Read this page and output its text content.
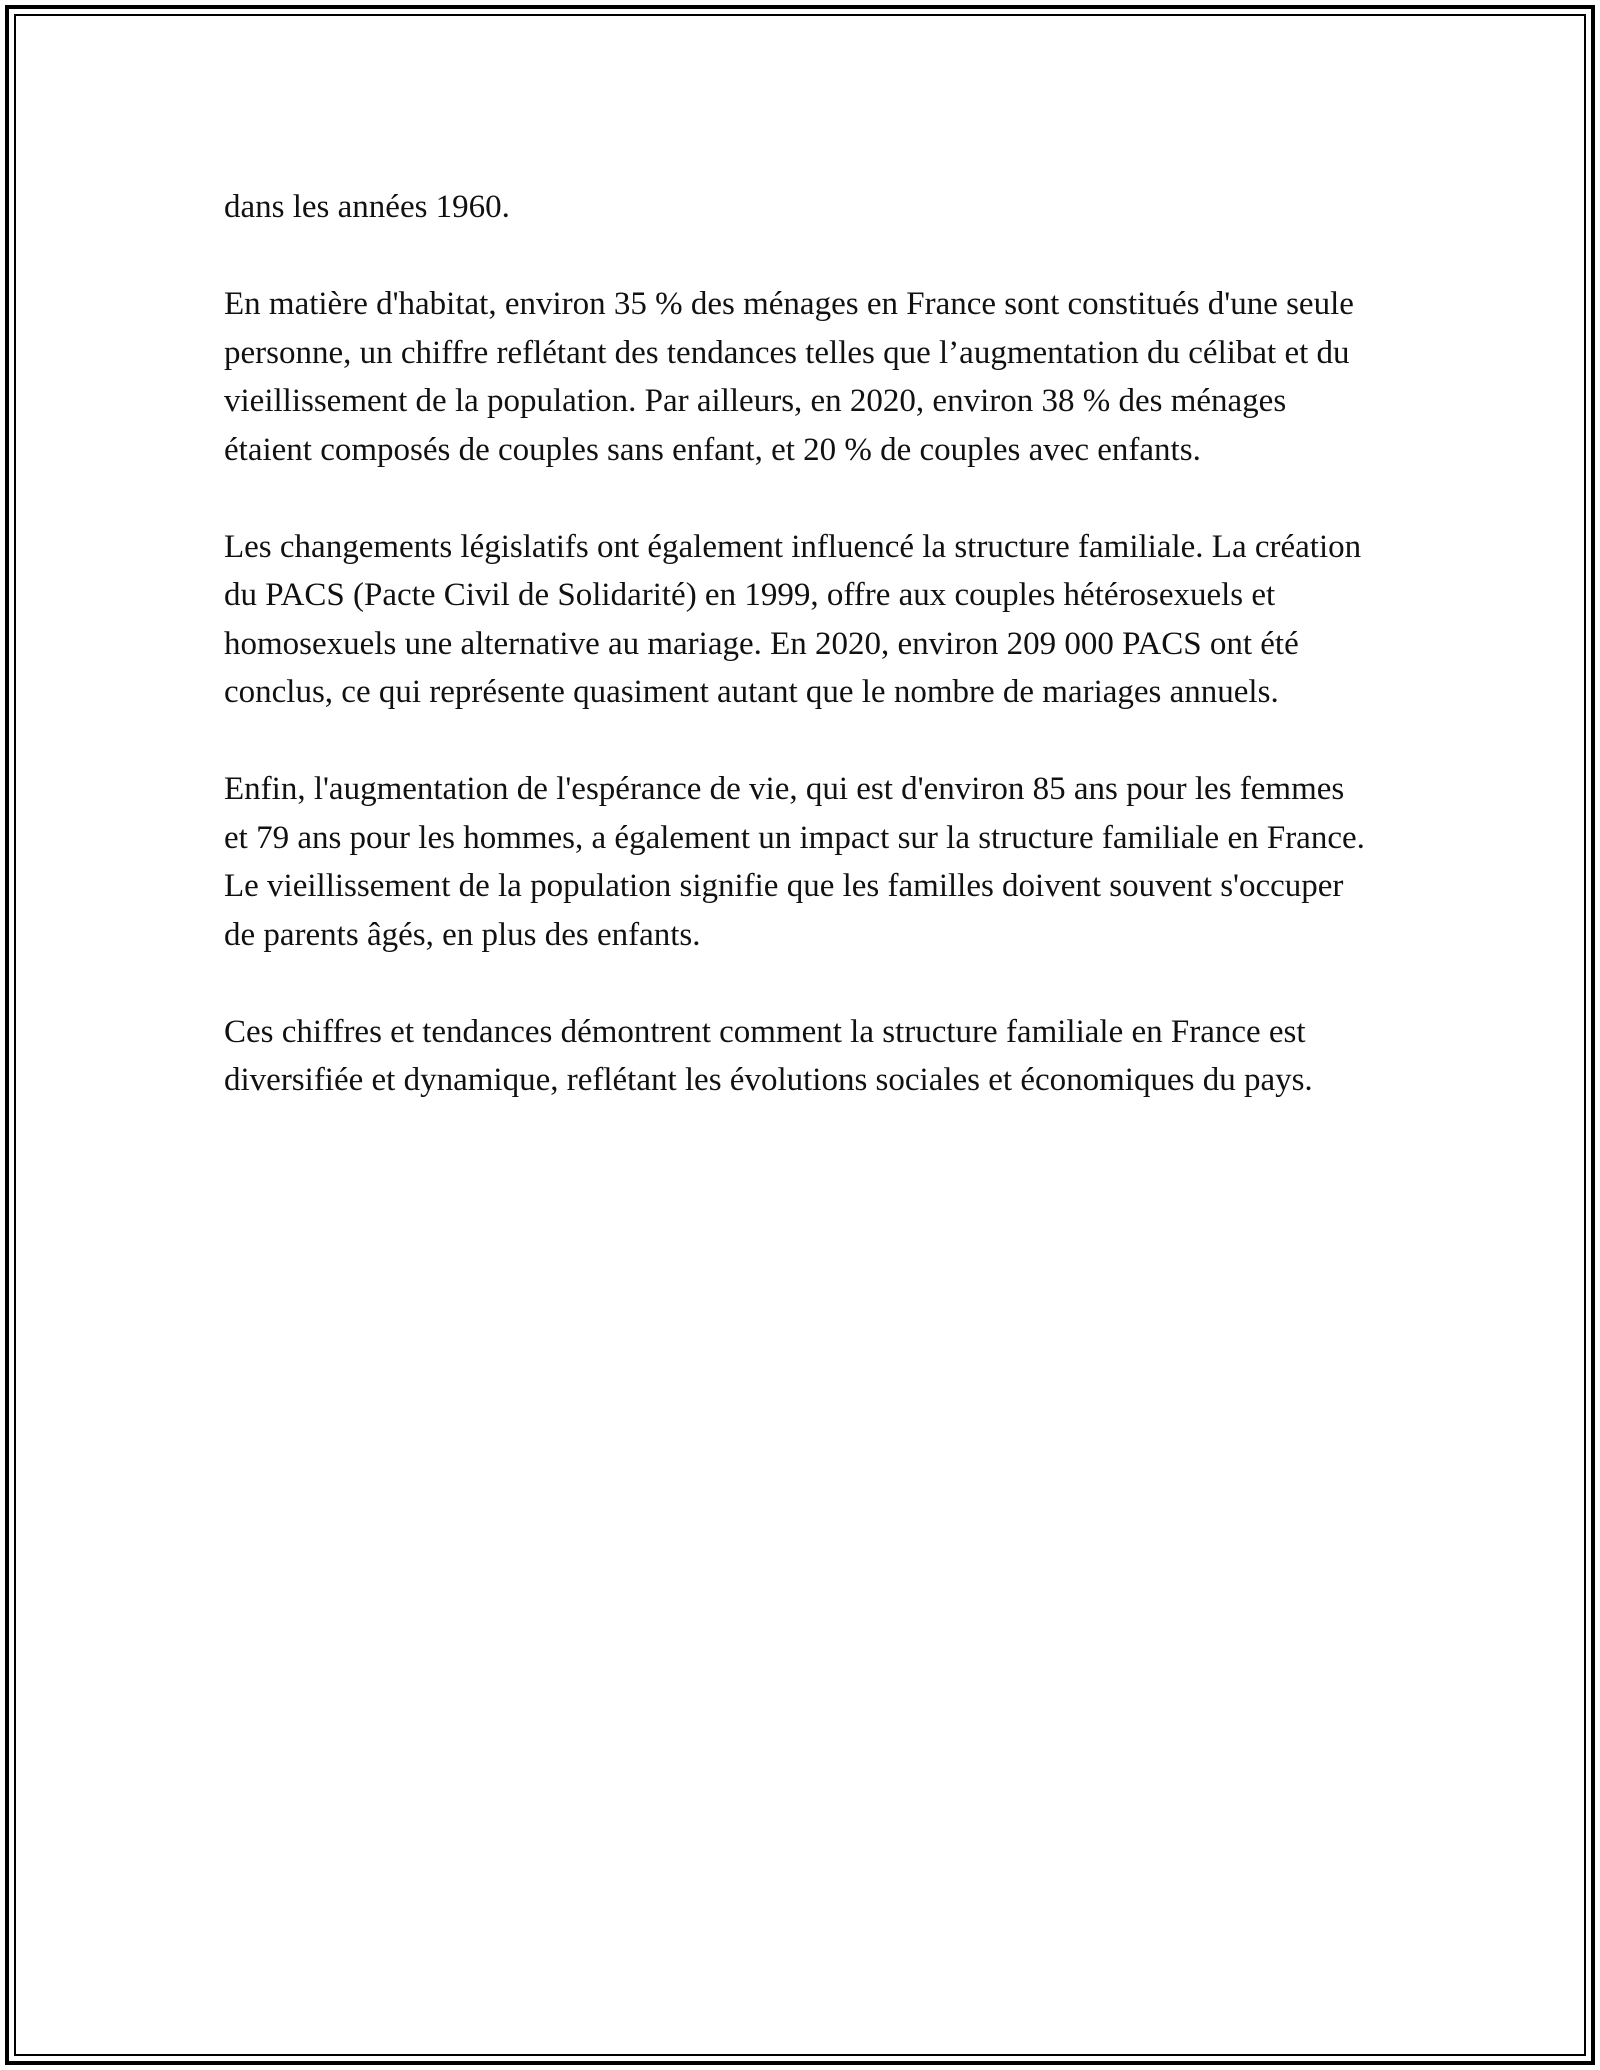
dans les années 1960.

En matière d'habitat, environ 35 % des ménages en France sont constitués d'une seule personne, un chiffre reflétant des tendances telles que l’augmentation du célibat et du vieillissement de la population. Par ailleurs, en 2020, environ 38 % des ménages étaient composés de couples sans enfant, et 20 % de couples avec enfants.

Les changements législatifs ont également influencé la structure familiale. La création du PACS (Pacte Civil de Solidarité) en 1999, offre aux couples hétérosexuels et homosexuels une alternative au mariage. En 2020, environ 209 000 PACS ont été conclus, ce qui représente quasiment autant que le nombre de mariages annuels.

Enfin, l'augmentation de l'espérance de vie, qui est d'environ 85 ans pour les femmes et 79 ans pour les hommes, a également un impact sur la structure familiale en France. Le vieillissement de la population signifie que les familles doivent souvent s'occuper de parents âgés, en plus des enfants.

Ces chiffres et tendances démontrent comment la structure familiale en France est diversifiée et dynamique, reflétant les évolutions sociales et économiques du pays.
